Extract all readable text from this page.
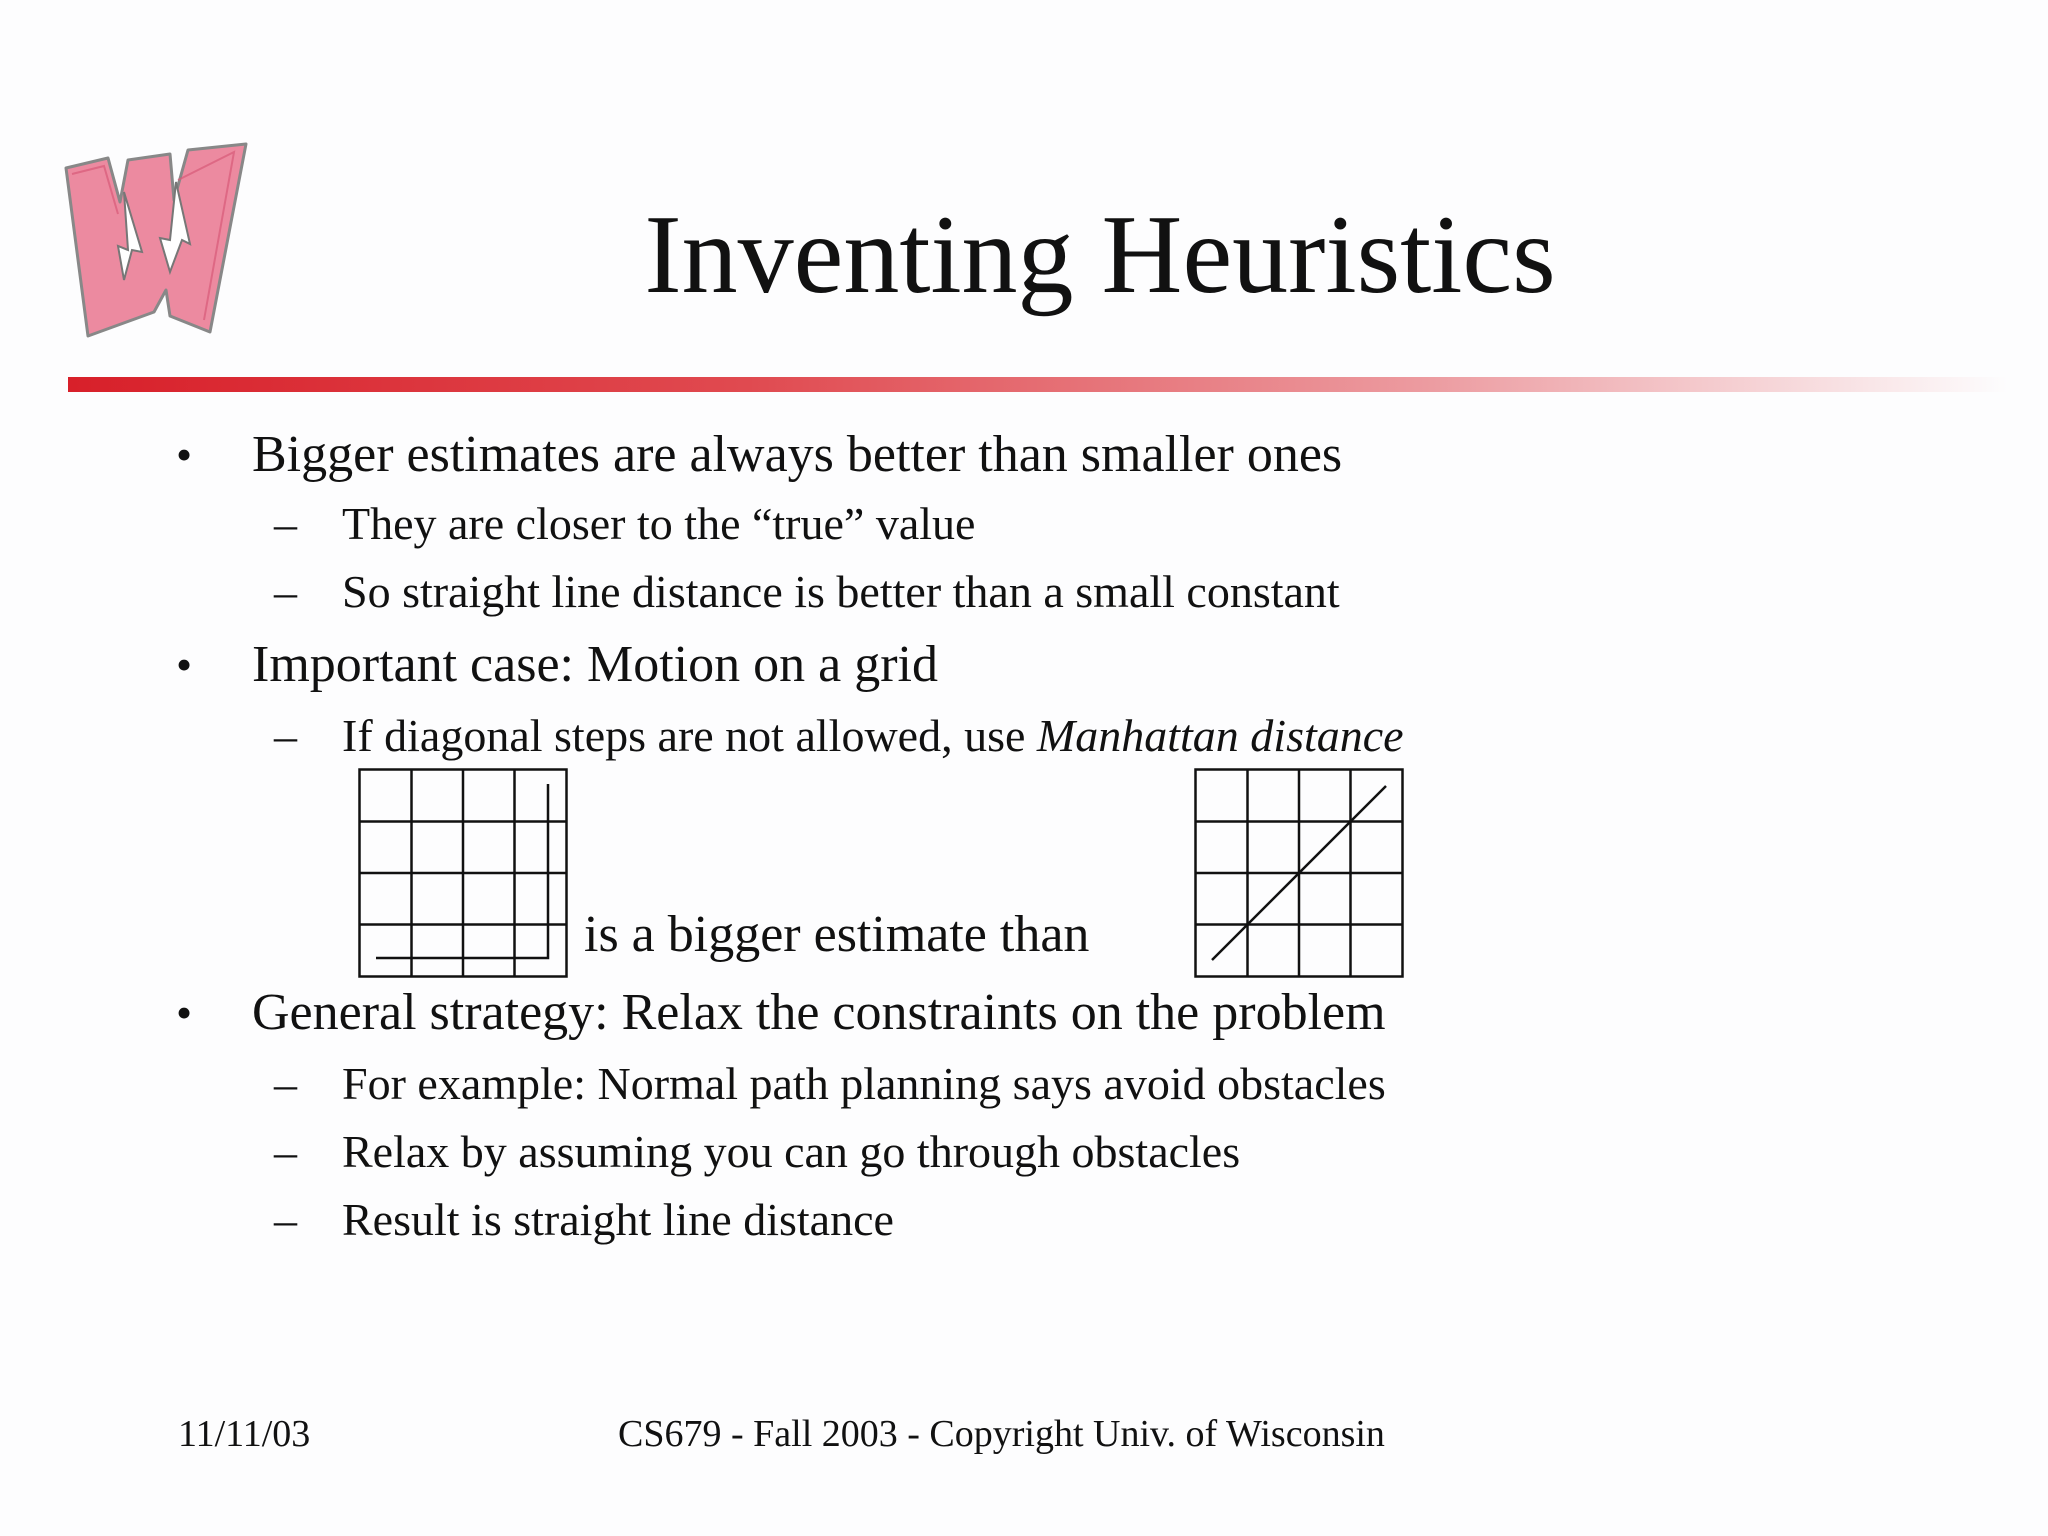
Inventing Heuristics
• Bigger estimates are always better than smaller ones
– They are closer to the “true” value
– So straight line distance is better than a small constant
• Important case: Motion on a grid
– If diagonal steps are not allowed, use Manhattan distance
is a bigger estimate than
• General strategy: Relax the constraints on the problem
– For example: Normal path planning says avoid obstacles
– Relax by assuming you can go through obstacles
– Result is straight line distance
11/11/03	CS679 - Fall 2003 - Copyright Univ. of Wisconsin
